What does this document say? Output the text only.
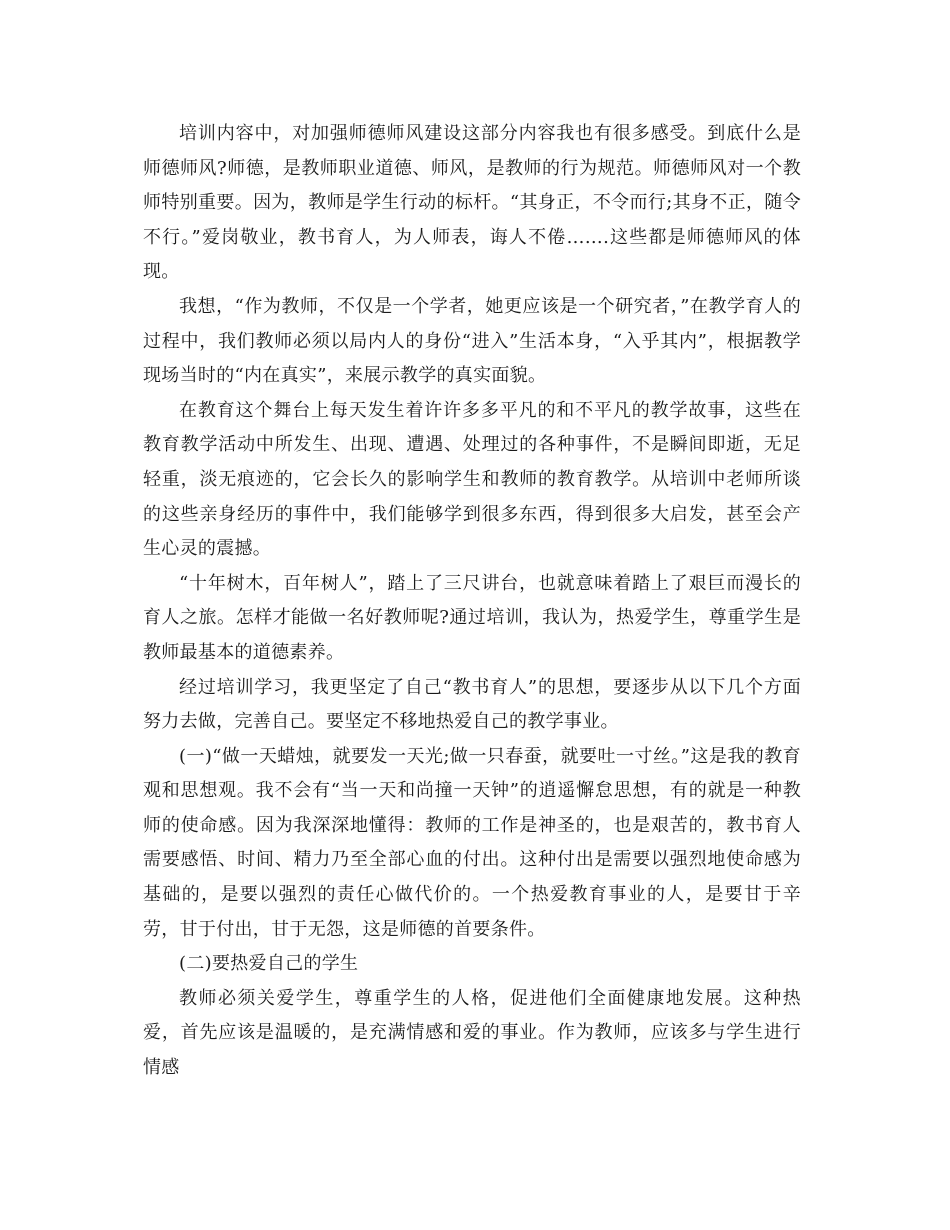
培训内容中，对加强师德师风建设这部分内容我也有很多感受。到底什么是师德师风?师德，是教师职业道德、师风，是教师的行为规范。师德师风对一个教师特别重要。因为，教师是学生行动的标杆。“其身正，不令而行;其身不正，随令不行。”爱岗敬业，教书育人，为人师表，诲人不倦…….这些都是师德师风的体现。

我想，“作为教师，不仅是一个学者，她更应该是一个研究者，”在教学育人的过程中，我们教师必须以局内人的身份“进入”生活本身，“入乎其内”，根据教学现场当时的“内在真实”，来展示教学的真实面貌。

在教育这个舞台上每天发生着许许多多平凡的和不平凡的教学故事，这些在教育教学活动中所发生、出现、遭遇、处理过的各种事件，不是瞬间即逝，无足轻重，淡无痕迹的，它会长久的影响学生和教师的教育教学。从培训中老师所谈的这些亲身经历的事件中，我们能够学到很多东西，得到很多大启发，甚至会产生心灵的震撼。

“十年树木，百年树人”，踏上了三尺讲台，也就意味着踏上了艰巨而漫长的育人之旅。怎样才能做一名好教师呢?通过培训，我认为，热爱学生，尊重学生是教师最基本的道德素养。

经过培训学习，我更坚定了自己“教书育人”的思想，要逐步从以下几个方面努力去做，完善自己。要坚定不移地热爱自己的教学事业。

(一)“做一天蜡烛，就要发一天光;做一只春蚕，就要吐一寸丝。”这是我的教育观和思想观。我不会有“当一天和尚撞一天钟”的逍遥懈怠思想，有的就是一种教师的使命感。因为我深深地懂得：教师的工作是神圣的，也是艰苦的，教书育人需要感悟、时间、精力乃至全部心血的付出。这种付出是需要以强烈地使命感为基础的，是要以强烈的责任心做代价的。一个热爱教育事业的人，是要甘于辛劳，甘于付出，甘于无怨，这是师德的首要条件。

(二)要热爱自己的学生

教师必须关爱学生，尊重学生的人格，促进他们全面健康地发展。这种热爱，首先应该是温暖的，是充满情感和爱的事业。作为教师，应该多与学生进行情感
